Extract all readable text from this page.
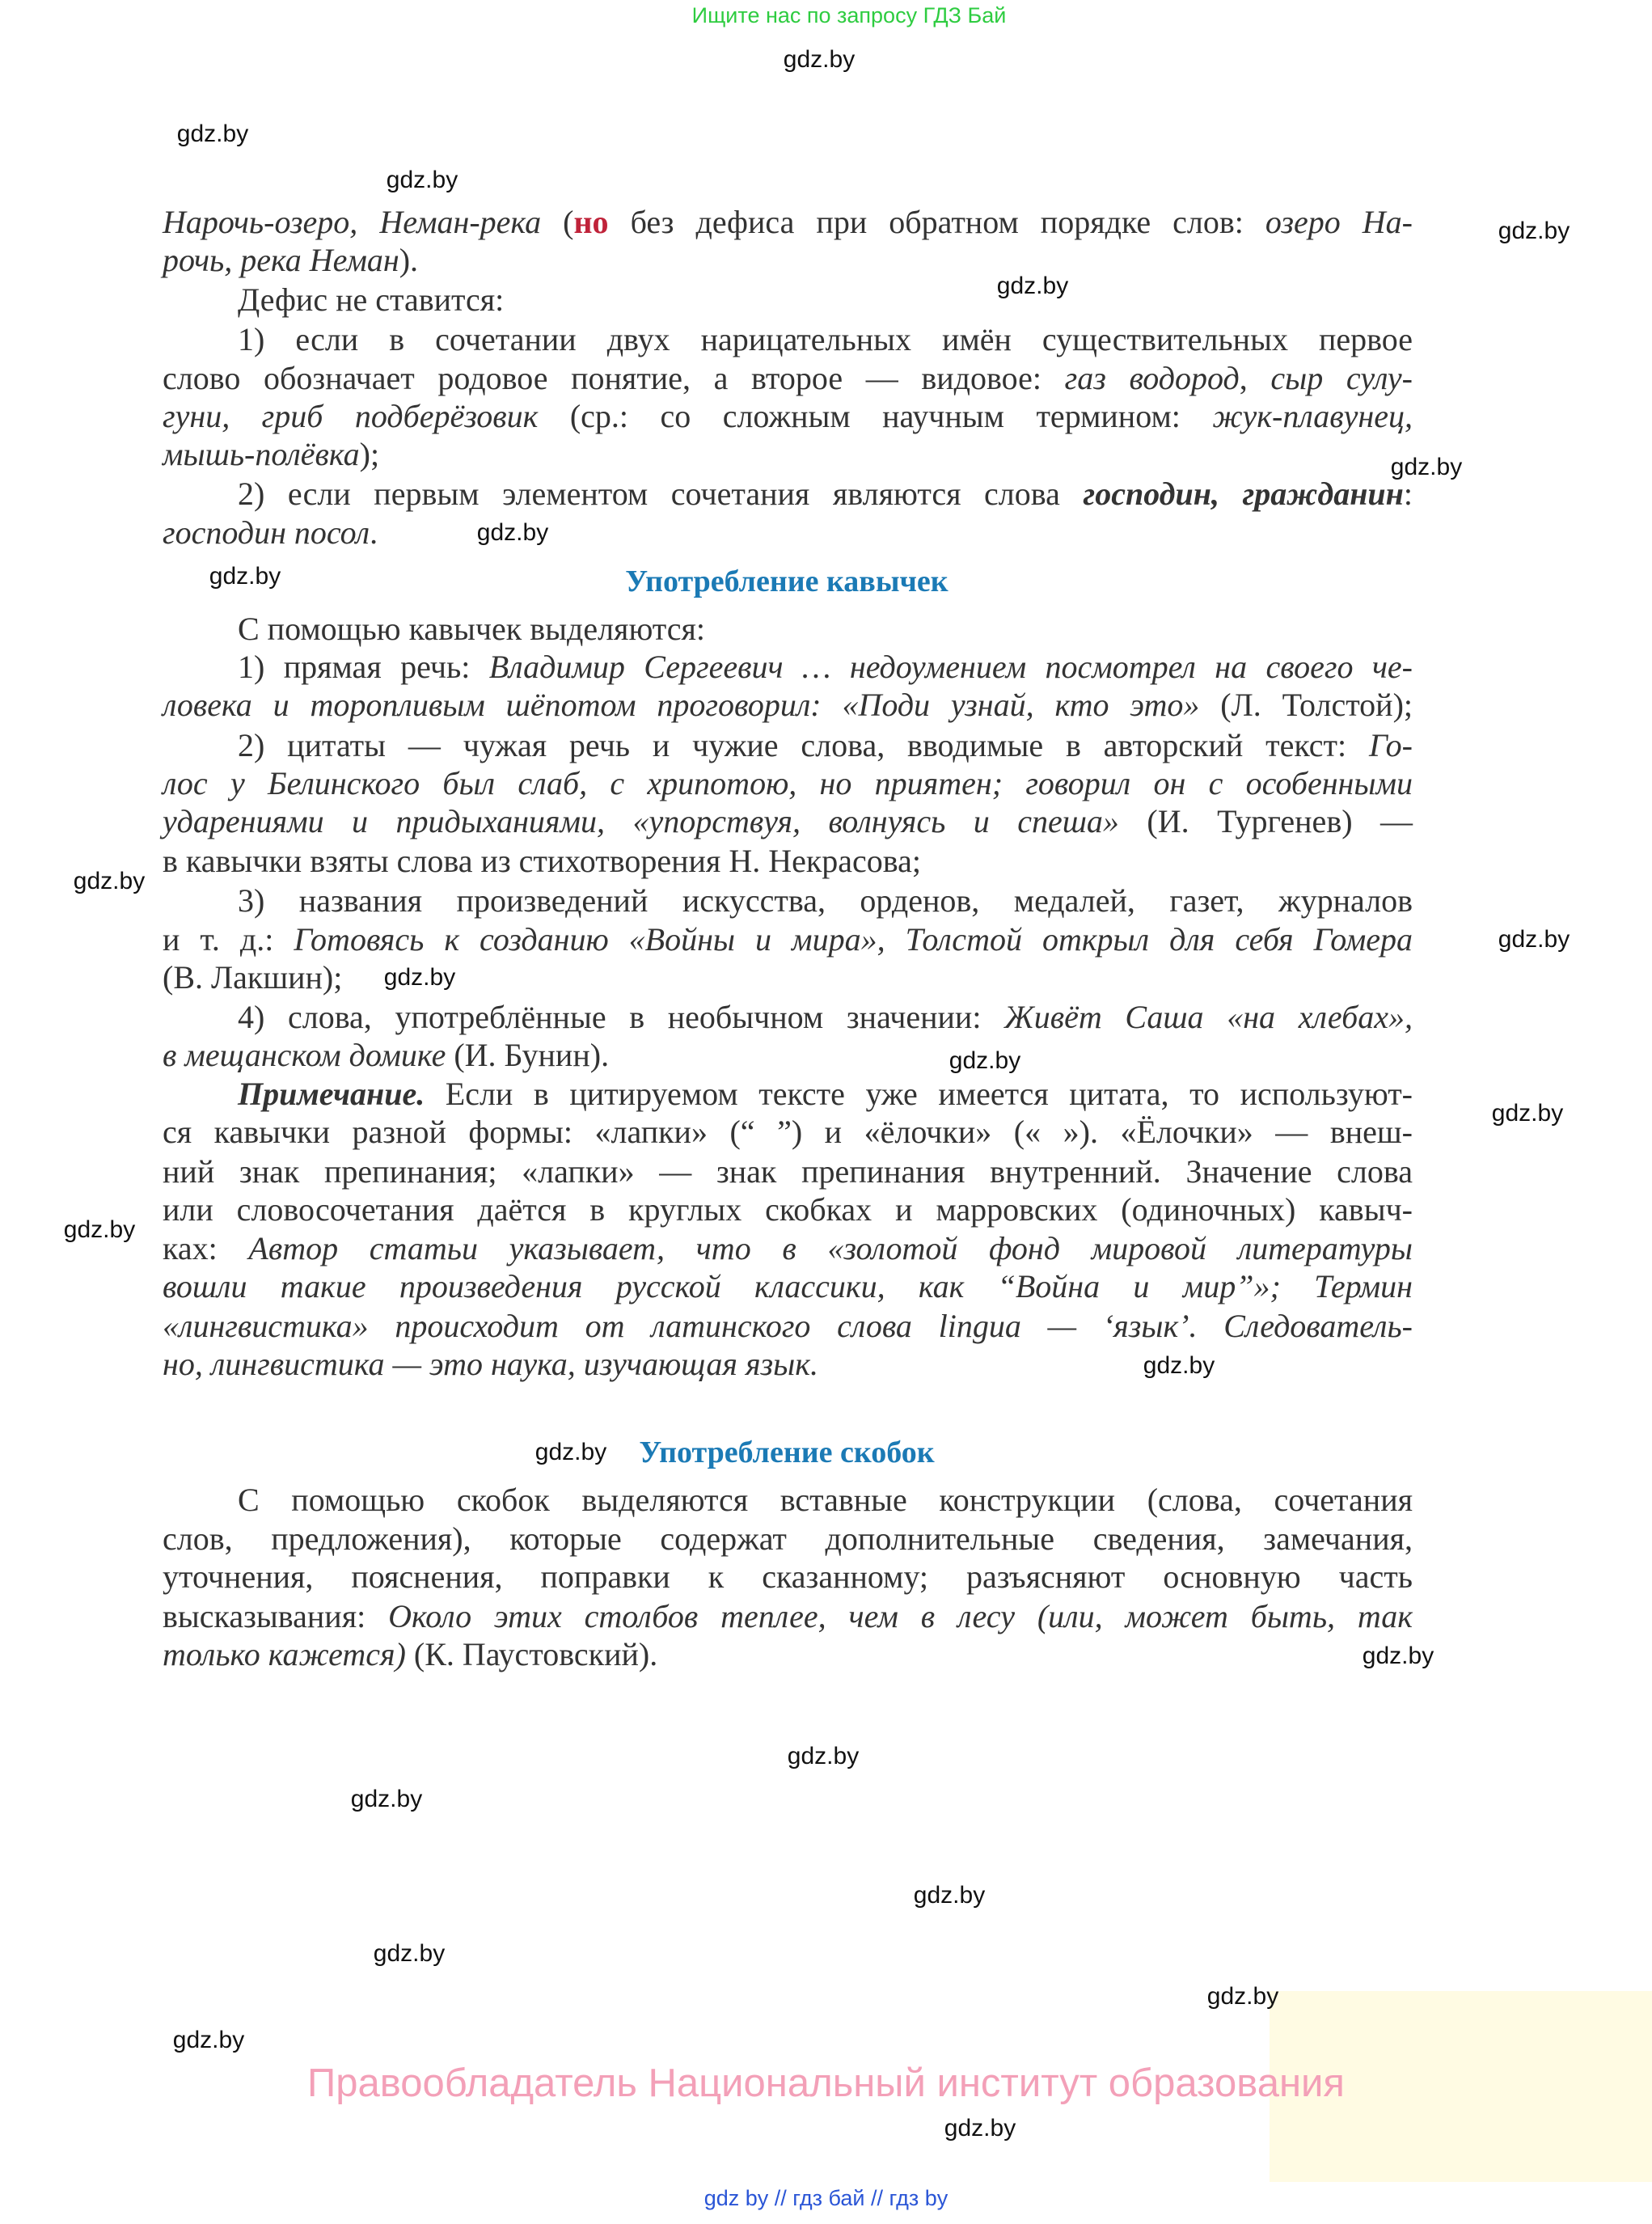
Ищите нас по запросу ГДЗ Бай
Нарочь-озеро, Неман-река (но без дефиса при обратном порядке слов: озеро На-
рочь, река Неман).
Дефис не ставится:
1) если в сочетании двух нарицательных имён существительных первое
слово обозначает родовое понятие, а второе — видовое: газ водород, сыр сулу-
гуни, гриб подберёзовик (ср.: со сложным научным термином: жук-плавунец,
мышь-полёвка);
2) если первым элементом сочетания являются слова господин, гражданин:
господин посол.
С помощью кавычек выделяются:
1) прямая речь: Владимир Сергеевич … недоумением посмотрел на своего че-
ловека и торопливым шёпотом проговорил: «Поди узнай, кто это» (Л. Толстой);
2) цитаты — чужая речь и чужие слова, вводимые в авторский текст: Го-
лос у Белинского был слаб, с хрипотою, но приятен; говорил он с особенными
ударениями и придыханиями, «упорствуя, волнуясь и спеша» (И. Тургенев) —
в кавычки взяты слова из стихотворения Н. Некрасова;
3) названия произведений искусства, орденов, медалей, газет, журналов
и т. д.: Готовясь к созданию «Войны и мира», Толстой открыл для себя Гомера
(В. Лакшин);
4) слова, употреблённые в необычном значении: Живёт Саша «на хлебах»,
в мещанском домике (И. Бунин).
Примечание. Если в цитируемом тексте уже имеется цитата, то используют-
ся кавычки разной формы: «лапки» (“ ”) и «ёлочки» (« »). «Ёлочки» — внеш-
ний знак препинания; «лапки» — знак препинания внутренний. Значение слова
или словосочетания даётся в круглых скобках и марровских (одиночных) кавыч-
ках: Автор статьи указывает, что в «золотой фонд мировой литературы
вошли такие произведения русской классики, как “Война и мир”»; Термин
«лингвистика» происходит от латинского слова lingua — ‘язык’. Следователь-
но, лингвистика — это наука, изучающая язык.
С помощью скобок выделяются вставные конструкции (слова, сочетания
слов, предложения), которые содержат дополнительные сведения, замечания,
уточнения, пояснения, поправки к сказанному; разъясняют основную часть
высказывания: Около этих столбов теплее, чем в лесу (или, может быть, так
только кажется) (К. Паустовский).
Употребление кавычек
Употребление скобок
gdz.by
gdz.by
gdz.by
gdz.by
gdz.by
gdz.by
gdz.by
gdz.by
gdz.by
gdz.by
gdz.by
gdz.by
gdz.by
gdz.by
gdz.by
gdz.by
gdz.by
gdz.by
gdz.by
gdz.by
gdz.by
gdz.by
gdz.by
gdz.by
Правообладатель Национальный институт образования
gdz by // гдз бай // гдз by
